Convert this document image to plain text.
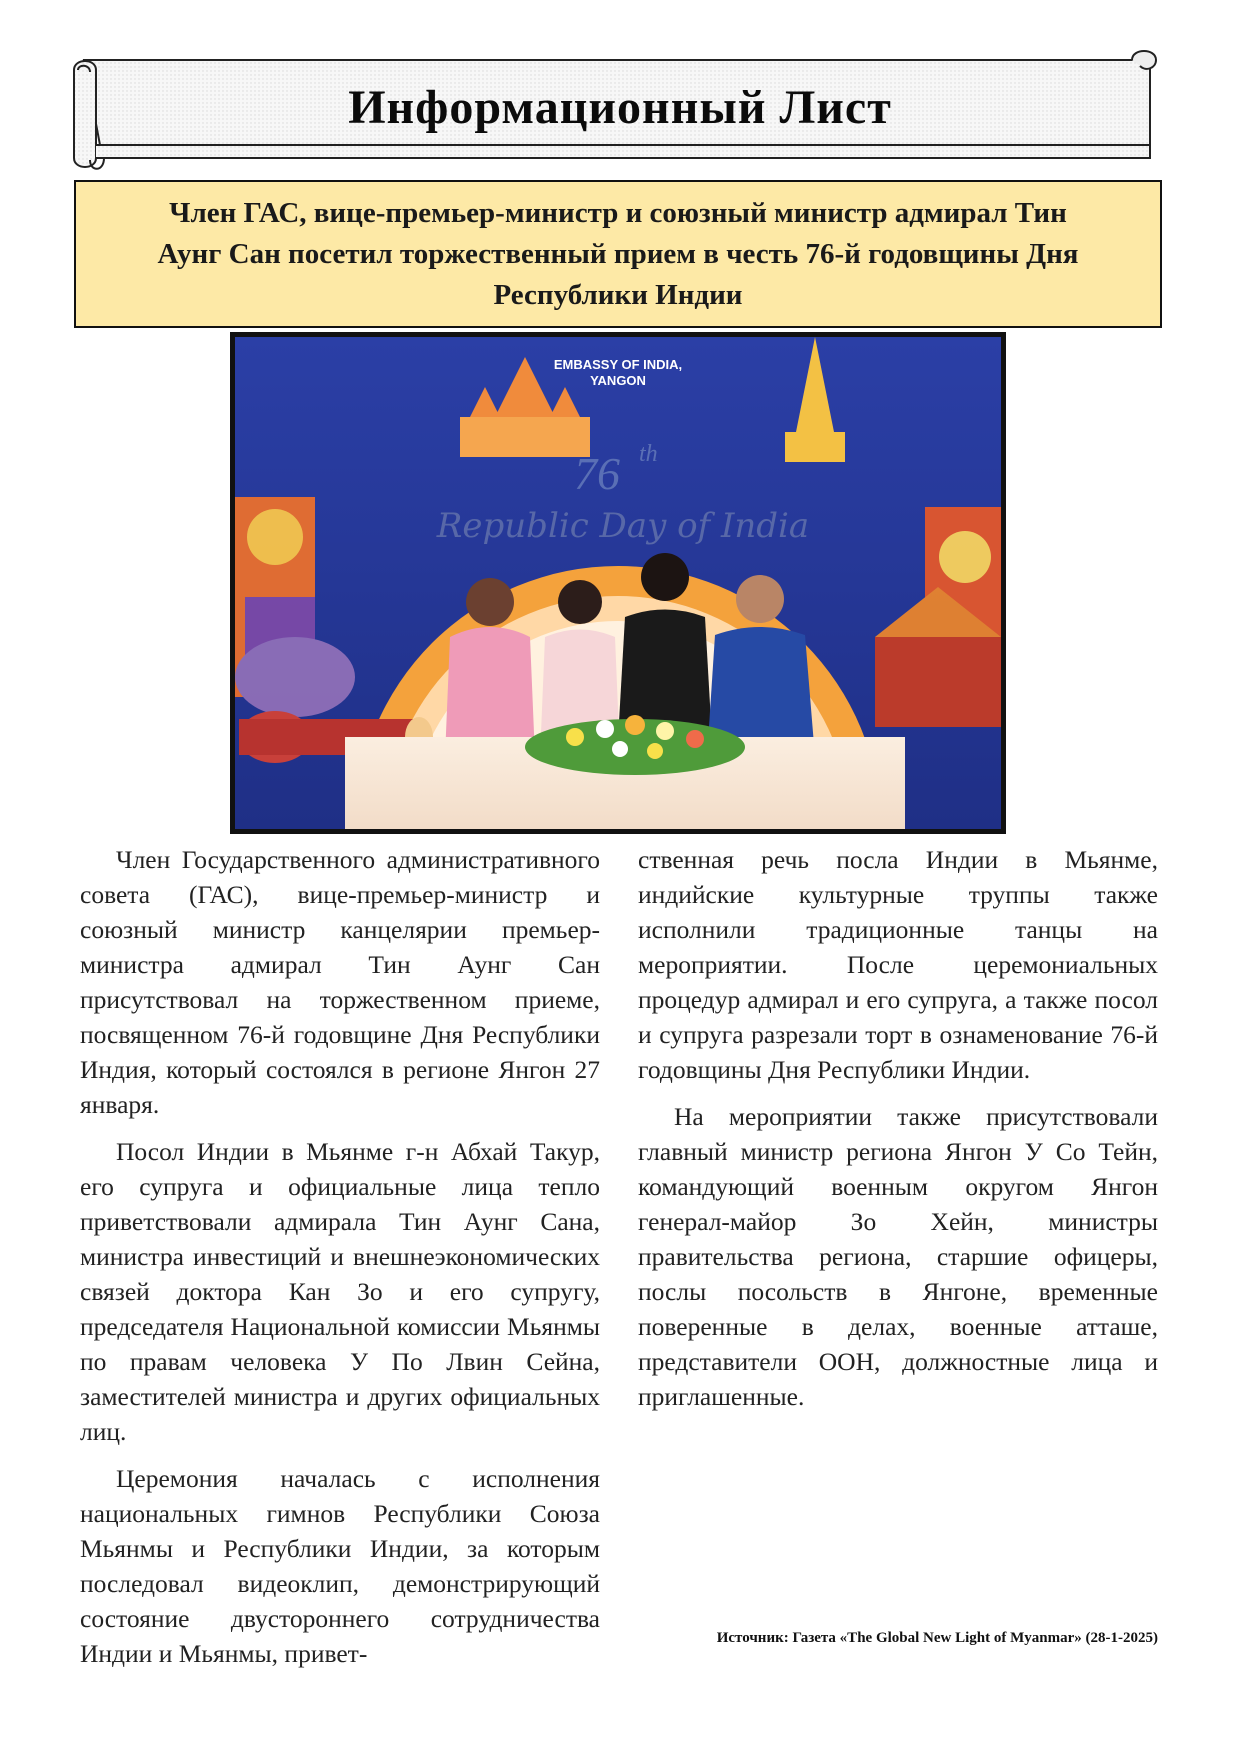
Информационный Лист
Член ГАС, вице-премьер-министр и союзный министр адмирал Тин Аунг Сан посетил торжественный прием в честь 76-й годовщины Дня Республики Индии
EMBASSY OF INDIA,
YANGON
76 th
Republic Day of India

Член Государственного административного совета (ГАС), вице-премьер-министр и союзный министр канцелярии премьер-министра адмирал Тин Аунг Сан присутствовал на торжественном приеме, посвященном 76-й годовщине Дня Республики Индия, который состоялся в регионе Янгон 27 января.

Посол Индии в Мьянме г-н Абхай Такур, его супруга и официальные лица тепло приветствовали адмирала Тин Аунг Сана, министра инвестиций и внешнеэкономических связей доктора Кан Зо и его супругу, председателя Национальной комиссии Мьянмы по правам человека У По Лвин Сейна, заместителей министра и других официальных лиц.

Церемония началась с исполнения национальных гимнов Республики Союза Мьянмы и Республики Индии, за которым последовал видеоклип, демонстрирующий состояние двустороннего сотрудничества Индии и Мьянмы, привет-

ственная речь посла Индии в Мьянме, индийские культурные труппы также исполнили традиционные танцы на мероприятии. После церемониальных процедур адмирал и его супруга, а также посол и супруга разрезали торт в ознаменование 76-й годовщины Дня Республики Индии.

На мероприятии также присутствовали главный министр региона Янгон У Со Тейн, командующий военным округом Янгон генерал-майор Зо Хейн, министры правительства региона, старшие офицеры, послы посольств в Янгоне, временные поверенные в делах, военные атташе, представители ООН, должностные лица и приглашенные.

Источник: Газета «The Global New Light of Myanmar» (28-1-2025)
